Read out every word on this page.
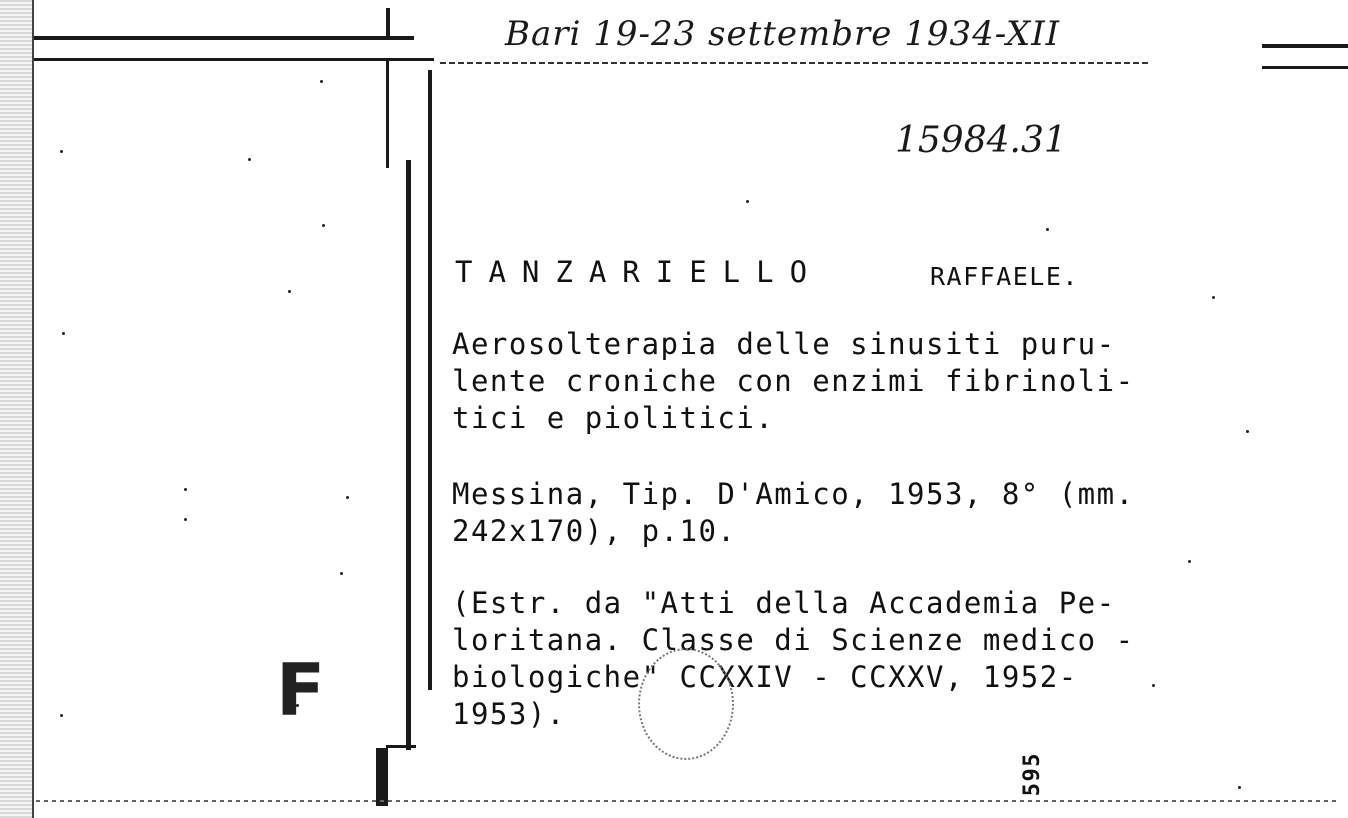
Bari 19-23 settembre 1934-XII
15984.31
TANZARIELLO	RAFFAELE.
Aerosolterapia delle sinusiti puru-
lente croniche con enzimi fibrinoli-
tici e piolitici.
Messina, Tip. D'Amico, 1953, 8° (mm.
242x170), p.10.
(Estr. da "Atti della Accademia Pe-
loritana. Classe di Scienze medico -
biologiche" CCXXIV - CCXXV, 1952-
1953).
F
595
